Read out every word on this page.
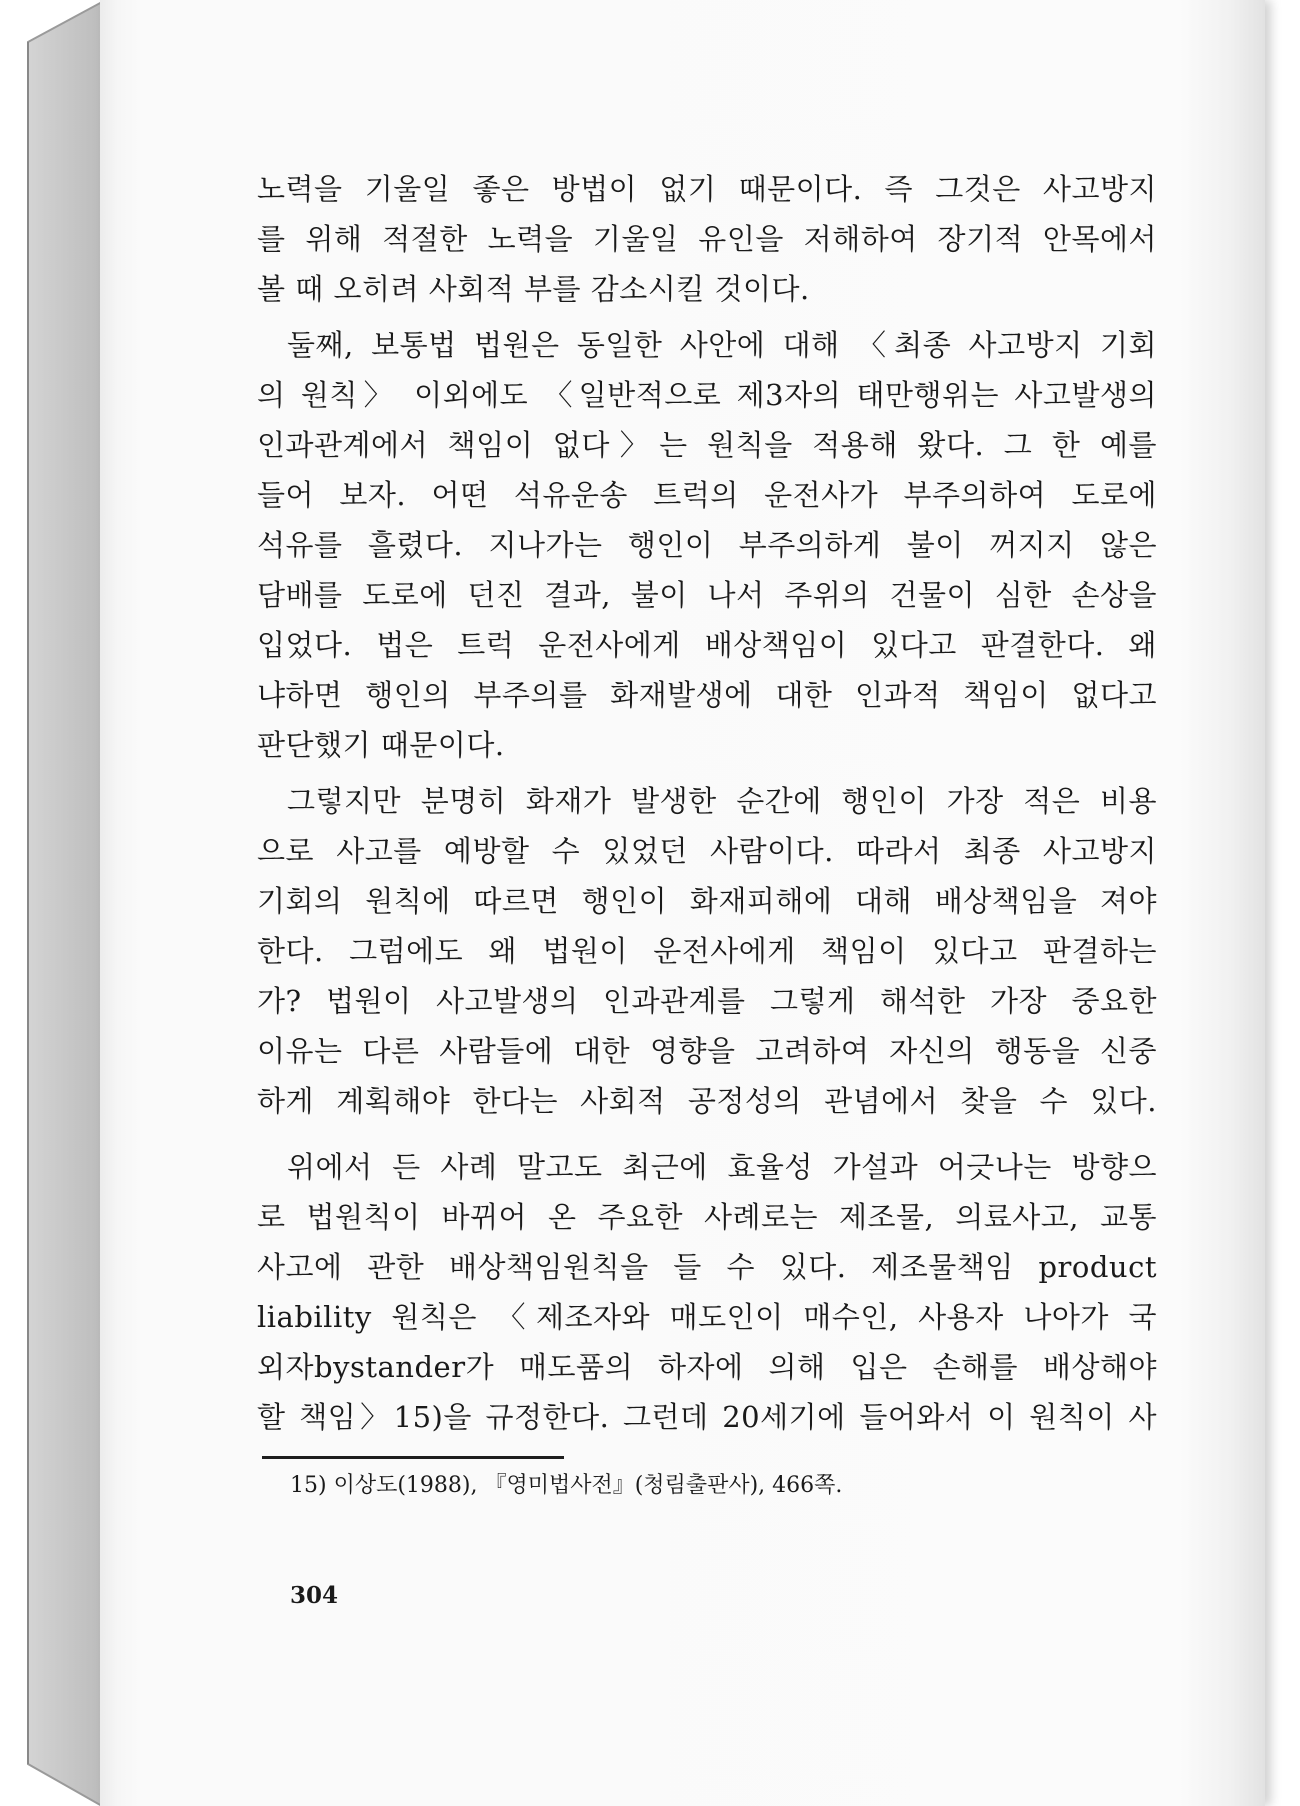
노력을 기울일 좋은 방법이 없기 때문이다. 즉 그것은 사고방지
를 위해 적절한 노력을 기울일 유인을 저해하여 장기적 안목에서
볼 때 오히려 사회적 부를 감소시킬 것이다.
둘째, 보통법 법원은 동일한 사안에 대해 〈최종 사고방지 기회
의 원칙〉 이외에도 〈일반적으로 제3자의 태만행위는 사고발생의
인과관계에서 책임이 없다〉는 원칙을 적용해 왔다. 그 한 예를
들어 보자. 어떤 석유운송 트럭의 운전사가 부주의하여 도로에
석유를 흘렸다. 지나가는 행인이 부주의하게 불이 꺼지지 않은
담배를 도로에 던진 결과, 불이 나서 주위의 건물이 심한 손상을
입었다. 법은 트럭 운전사에게 배상책임이 있다고 판결한다. 왜
냐하면 행인의 부주의를 화재발생에 대한 인과적 책임이 없다고
판단했기 때문이다.
그렇지만 분명히 화재가 발생한 순간에 행인이 가장 적은 비용
으로 사고를 예방할 수 있었던 사람이다. 따라서 최종 사고방지
기회의 원칙에 따르면 행인이 화재피해에 대해 배상책임을 져야
한다. 그럼에도 왜 법원이 운전사에게 책임이 있다고 판결하는
가? 법원이 사고발생의 인과관계를 그렇게 해석한 가장 중요한
이유는 다른 사람들에 대한 영향을 고려하여 자신의 행동을 신중
하게 계획해야 한다는 사회적 공정성의 관념에서 찾을 수 있다.
위에서 든 사례 말고도 최근에 효율성 가설과 어긋나는 방향으
로 법원칙이 바뀌어 온 주요한 사례로는 제조물, 의료사고, 교통
사고에 관한 배상책임원칙을 들 수 있다. 제조물책임 product
liability 원칙은 〈제조자와 매도인이 매수인, 사용자 나아가 국
외자bystander가 매도품의 하자에 의해 입은 손해를 배상해야
할 책임〉15)을 규정한다. 그런데 20세기에 들어와서 이 원칙이 사
15) 이상도(1988), 『영미법사전』(청림출판사), 466쪽.
304
